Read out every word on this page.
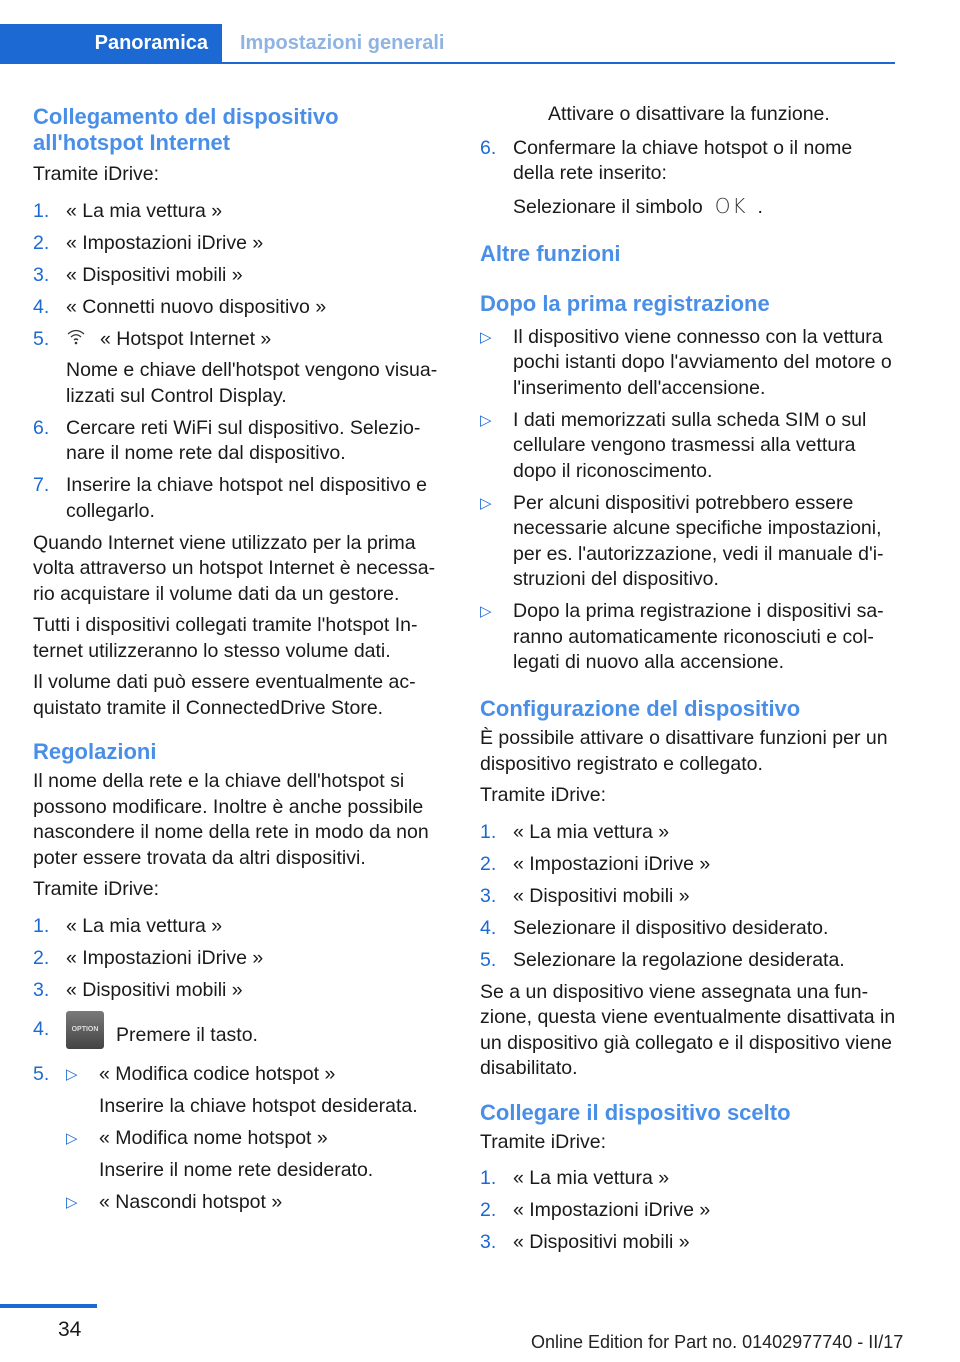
Panoramica	Impostazioni generali
Collegamento del dispositivo
all'hotspot Internet

Tramite iDrive:

1. « La mia vettura »
2. « Impostazioni iDrive »
3. « Dispositivi mobili »
4. « Connetti nuovo dispositivo »
5.	« Hotspot Internet »
Nome e chiave dell'hotspot vengono visua-lizzati sul Control Display.
6. Cercare reti WiFi sul dispositivo. Selezio-nare il nome rete dal dispositivo.
7. Inserire la chiave hotspot nel dispositivo e collegarlo.

Quando Internet viene utilizzato per la prima volta attraverso un hotspot Internet è necessa-rio acquistare il volume dati da un gestore.

Tutti i dispositivi collegati tramite l'hotspot In-ternet utilizzeranno lo stesso volume dati.

Il volume dati può essere eventualmente ac-quistato tramite il ConnectedDrive Store.

Regolazioni

Il nome della rete e la chiave dell'hotspot si possono modificare. Inoltre è anche possibile nascondere il nome della rete in modo da non poter essere trovata da altri dispositivi.

Tramite iDrive:

1. « La mia vettura »
2. « Impostazioni iDrive »
3. « Dispositivi mobili »
4.	OPTION Premere il tasto.
5. ▷ « Modifica codice hotspot »
Inserire la chiave hotspot desiderata.
▷ « Modifica nome hotspot »
Inserire il nome rete desiderato.
▷ « Nascondi hotspot »
Attivare o disattivare la funzione.
6. Confermare la chiave hotspot o il nome della rete inserito:
Selezionare il simbolo OK .
Altre funzioni
Dopo la prima registrazione
▷ Il dispositivo viene connesso con la vettura pochi istanti dopo l'avviamento del motore o l'inserimento dell'accensione.
▷ I dati memorizzati sulla scheda SIM o sul cellulare vengono trasmessi alla vettura dopo il riconoscimento.
▷ Per alcuni dispositivi potrebbero essere necessarie alcune specifiche impostazioni, per es. l'autorizzazione, vedi il manuale d'i-struzioni del dispositivo.
▷ Dopo la prima registrazione i dispositivi sa-ranno automaticamente riconosciuti e col-legati di nuovo alla accensione.
Configurazione del dispositivo

È possibile attivare o disattivare funzioni per un dispositivo registrato e collegato.

Tramite iDrive:

1. « La mia vettura »
2. « Impostazioni iDrive »
3. « Dispositivi mobili »
4. Selezionare il dispositivo desiderato.
5. Selezionare la regolazione desiderata.

Se a un dispositivo viene assegnata una fun-zione, questa viene eventualmente disattivata in un dispositivo già collegato e il dispositivo viene disabilitato.

Collegare il dispositivo scelto

Tramite iDrive:

1. « La mia vettura »
2. « Impostazioni iDrive »
3. « Dispositivi mobili »
34
Online Edition for Part no. 01402977740 - II/17
